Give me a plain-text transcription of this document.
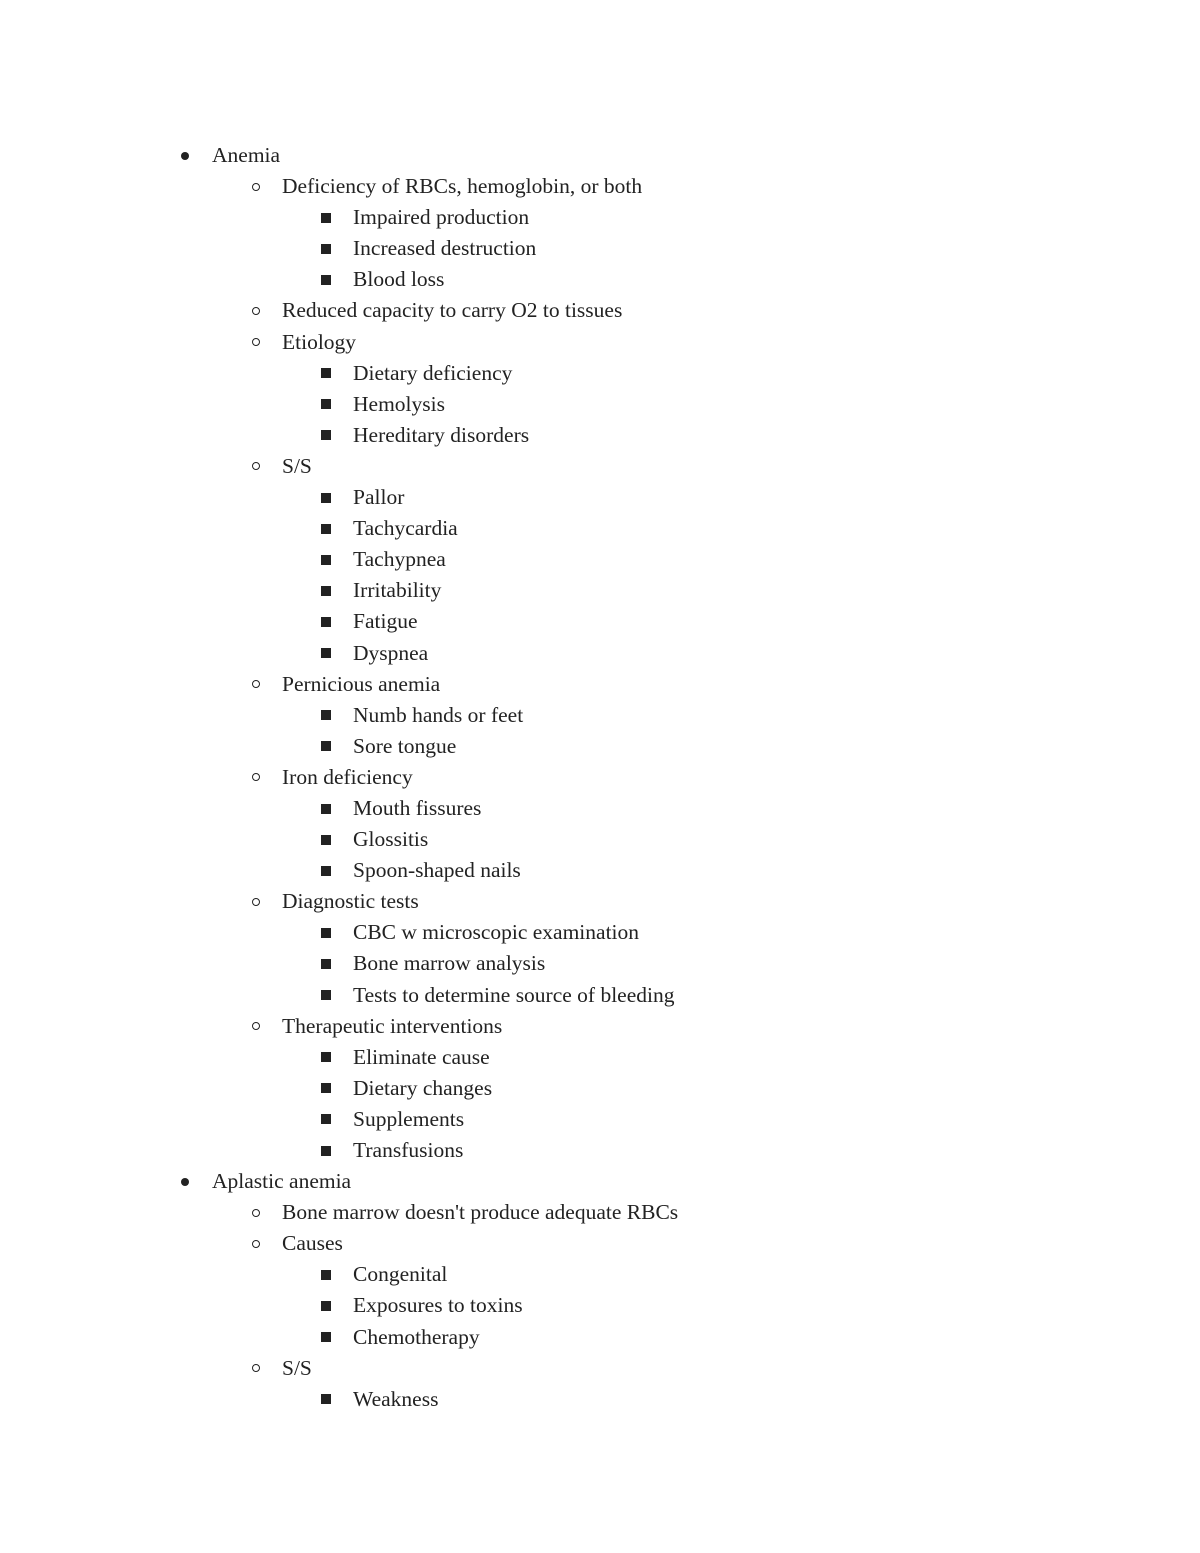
Anemia
Deficiency of RBCs, hemoglobin, or both
Impaired production
Increased destruction
Blood loss
Reduced capacity to carry O2 to tissues
Etiology
Dietary deficiency
Hemolysis
Hereditary disorders
S/S
Pallor
Tachycardia
Tachypnea
Irritability
Fatigue
Dyspnea
Pernicious anemia
Numb hands or feet
Sore tongue
Iron deficiency
Mouth fissures
Glossitis
Spoon-shaped nails
Diagnostic tests
CBC w microscopic examination
Bone marrow analysis
Tests to determine source of bleeding
Therapeutic interventions
Eliminate cause
Dietary changes
Supplements
Transfusions
Aplastic anemia
Bone marrow doesn't produce adequate RBCs
Causes
Congenital
Exposures to toxins
Chemotherapy
S/S
Weakness
